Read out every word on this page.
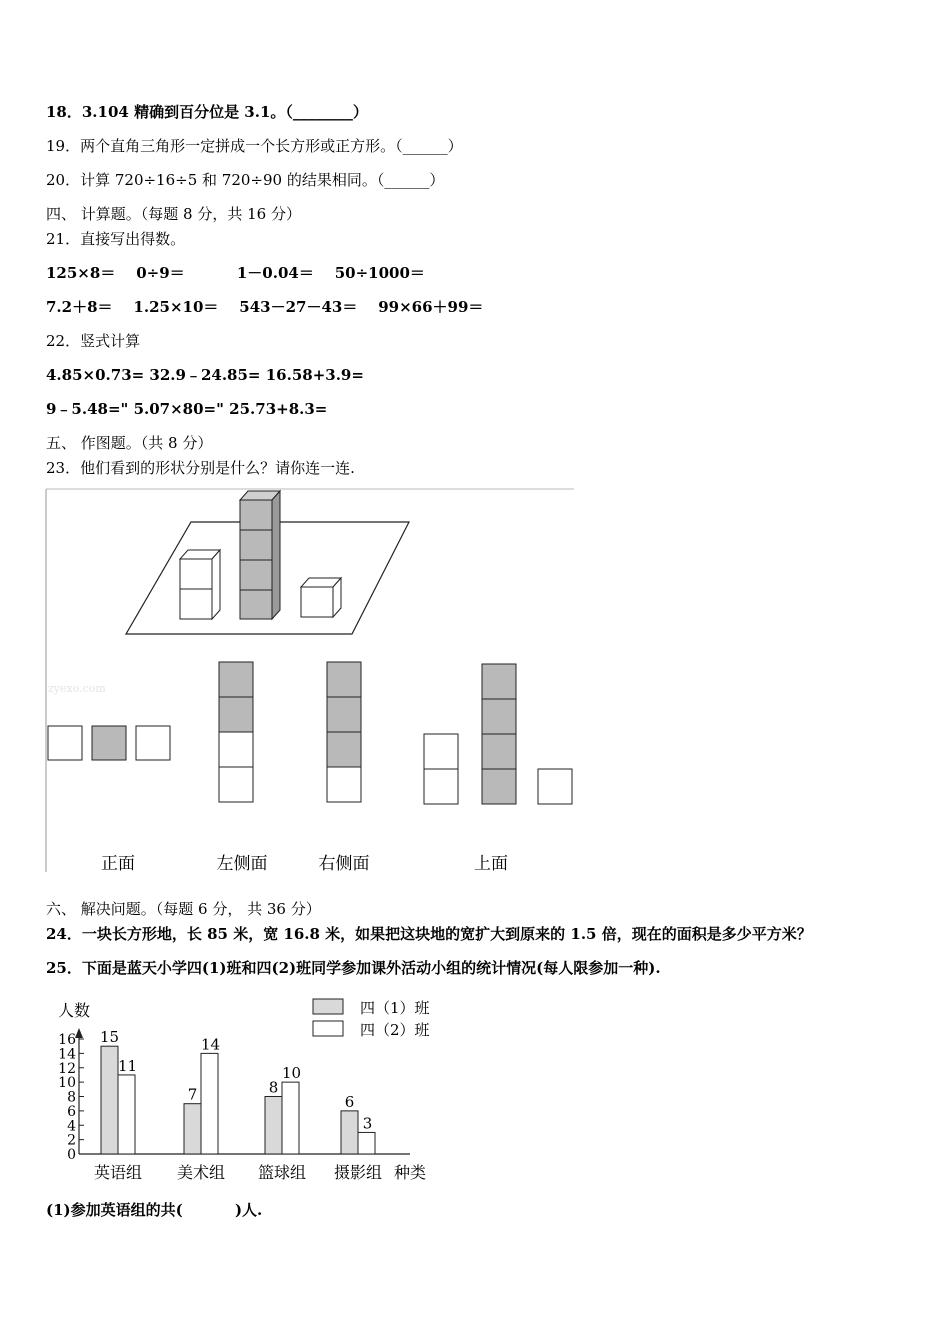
18．3.104 精确到百分位是 3.1。（________）
19．两个直角三角形一定拼成一个长方形或正方形。（______）
20．计算 720÷16÷5 和 720÷90 的结果相同。（______）
四、 计算题。（每题 8 分，共 16 分）
21．直接写出得数。
125×8＝    0÷9＝          1－0.04＝    50÷1000＝
7.2＋8＝    1.25×10＝    543－27－43＝    99×66＋99＝
22．竖式计算
4.85×0.73= 32.9﹣24.85= 16.58+3.9=
9﹣5.48=" 5.07×80=" 25.73+8.3=
五、 作图题。（共 8 分）
23．他们看到的形状分别是什么？请你连一连.
zyexo.com
正面	左侧面	右侧面	上面
六、 解决问题。（每题 6 分， 共 36 分）
24．一块长方形地，长 85 米，宽 16.8 米，如果把这块地的宽扩大到原来的 1.5 倍，现在的面积是多少平方米？
25．下面是蓝天小学四(1)班和四(2)班同学参加课外活动小组的统计情况(每人限参加一种).
人数
0
2
4
6
8
10
12
14
16 15
11
英语组
7
14
美术组
8
10
篮球组
6
3
摄影组 种类
四（1）班
四（2）班
(1)参加英语组的共(          )人.
